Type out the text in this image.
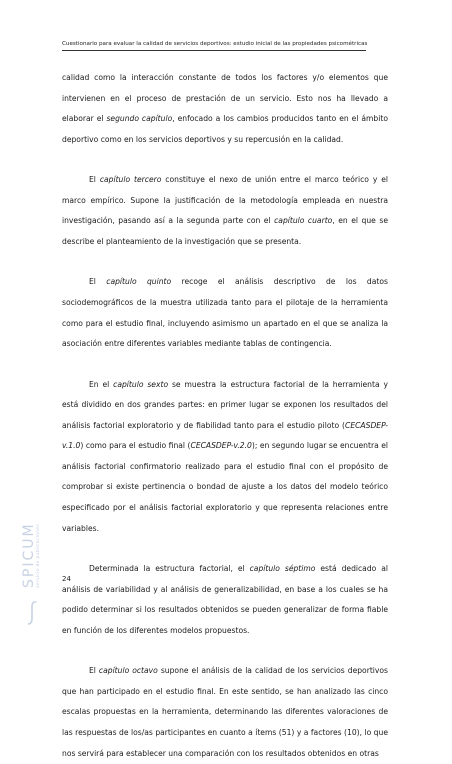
Cuestionario para evaluar la calidad de servicios deportivos: estudio inicial de las propiedades psicométricas

calidad como la interacción constante de todos los factores y/o elementos que intervienen en el proceso de prestación de un servicio. Esto nos ha llevado a elaborar el segundo capítulo, enfocado a los cambios producidos tanto en el ámbito deportivo como en los servicios deportivos y su repercusión en la calidad.

El capítulo tercero constituye el nexo de unión entre el marco teórico y el marco empírico. Supone la justificación de la metodología empleada en nuestra investigación, pasando así a la segunda parte con el capítulo cuarto, en el que se describe el planteamiento de la investigación que se presenta.

El capítulo quinto recoge el análisis descriptivo de los datos sociodemográficos de la muestra utilizada tanto para el pilotaje de la herramienta como para el estudio final, incluyendo asimismo un apartado en el que se analiza la asociación entre diferentes variables mediante tablas de contingencia.

En el capítulo sexto se muestra la estructura factorial de la herramienta y está dividido en dos grandes partes: en primer lugar se exponen los resultados del análisis factorial exploratorio y de fiabilidad tanto para el estudio piloto (CECASDEP-v.1.0) como para el estudio final (CECASDEP-v.2.0); en segundo lugar se encuentra el análisis factorial confirmatorio realizado para el estudio final con el propósito de comprobar si existe pertinencia o bondad de ajuste a los datos del modelo teórico especificado por el análisis factorial exploratorio y que representa relaciones entre variables.

Determinada la estructura factorial, el capítulo séptimo está dedicado al análisis de variabilidad y al análisis de generalizabilidad, en base a los cuales se ha podido determinar si los resultados obtenidos se pueden generalizar de forma fiable en función de los diferentes modelos propuestos.

El capítulo octavo supone el análisis de la calidad de los servicios deportivos que han participado en el estudio final. En este sentido, se han analizado las cinco escalas propuestas en la herramienta, determinando las diferentes valoraciones de las respuestas de los/as participantes en cuanto a ítems (51) y a factores (10), lo que nos servirá para establecer una comparación con los resultados obtenidos en otras

24
SPICUM servicio de publicaciones
